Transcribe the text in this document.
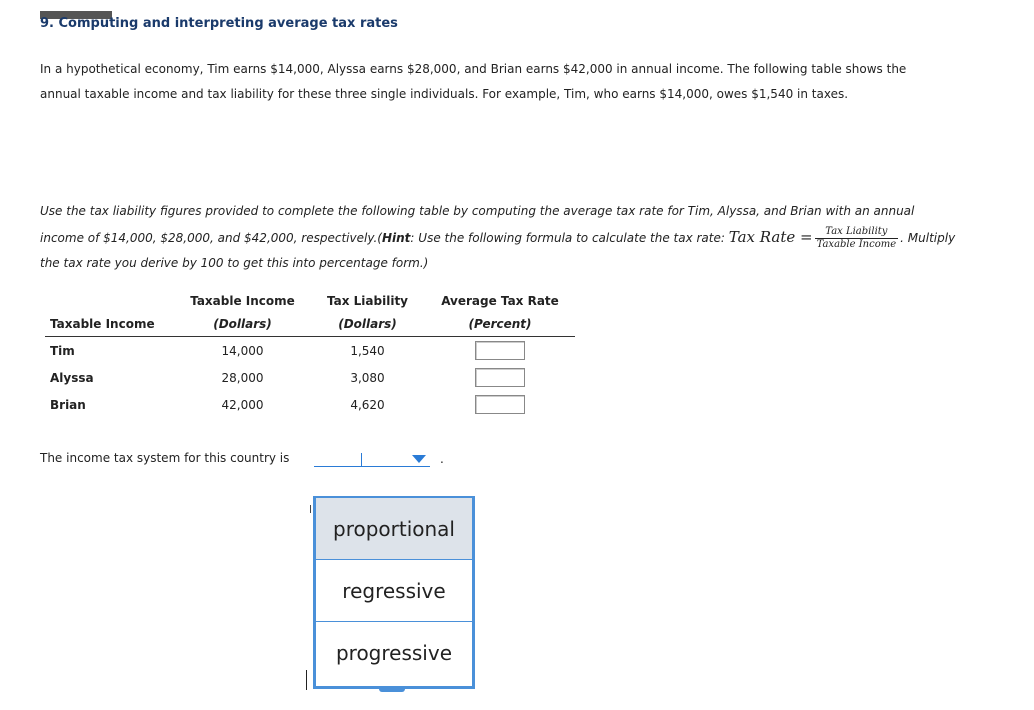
9. Computing and interpreting average tax rates
In a hypothetical economy, Tim earns $14,000, Alyssa earns $28,000, and Brian earns $42,000 in annual income. The following table shows the
annual taxable income and tax liability for these three single individuals. For example, Tim, who earns $14,000, owes $1,540 in taxes.
Use the tax liability figures provided to complete the following table by computing the average tax rate for Tim, Alyssa, and Brian with an annual
income of $14,000, $28,000, and $42,000, respectively.(Hint: Use the following formula to calculate the tax rate: Tax Rate = $\frac{\text{Tax Liability}}{\text{Taxable Income}}$ . Multiply
the tax rate you derive by 100 to get this into percentage form.)
	Taxable Income	Tax Liability	Average Tax Rate
Taxable Income	(Dollars)	(Dollars)	(Percent)
Tim	14,000	1,540	
Alyssa	28,000	3,080	
Brian	42,000	4,620	
The income tax system for this country is	.
proportional
regressive
progressive
